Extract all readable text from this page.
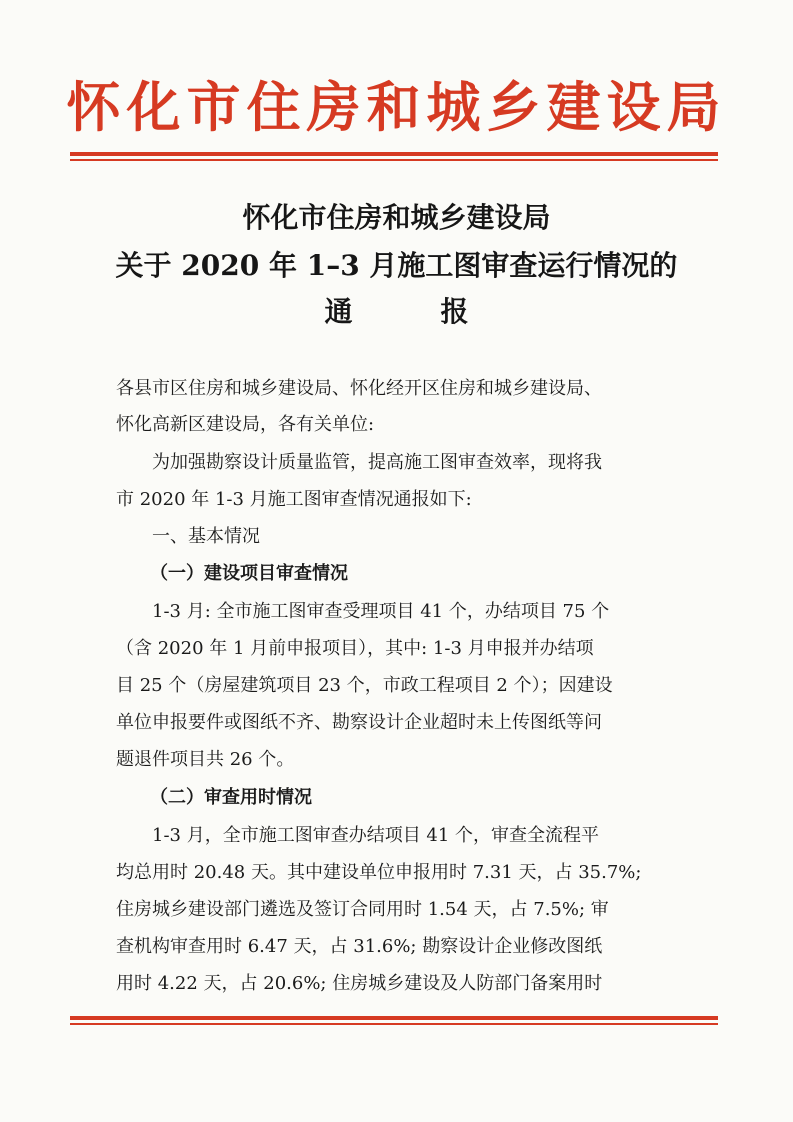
怀化市住房和城乡建设局
怀化市住房和城乡建设局
关于 2020 年 1–3 月施工图审查运行情况的
通	报
各县市区住房和城乡建设局、怀化经开区住房和城乡建设局、
怀化高新区建设局，各有关单位:
为加强勘察设计质量监管，提高施工图审查效率，现将我
市 2020 年 1-3 月施工图审查情况通报如下:
一、基本情况
（一）建设项目审查情况
1-3 月: 全市施工图审查受理项目 41 个，办结项目 75 个
（含 2020 年 1 月前申报项目），其中: 1-3 月申报并办结项
目 25 个（房屋建筑项目 23 个，市政工程项目 2 个）；因建设
单位申报要件或图纸不齐、勘察设计企业超时未上传图纸等问
题退件项目共 26 个。
（二）审查用时情况
1-3 月，全市施工图审查办结项目 41 个，审查全流程平
均总用时 20.48 天。其中建设单位申报用时 7.31 天，占 35.7%;
住房城乡建设部门遴选及签订合同用时 1.54 天，占 7.5%; 审
查机构审查用时 6.47 天，占 31.6%; 勘察设计企业修改图纸
用时 4.22 天，占 20.6%; 住房城乡建设及人防部门备案用时
